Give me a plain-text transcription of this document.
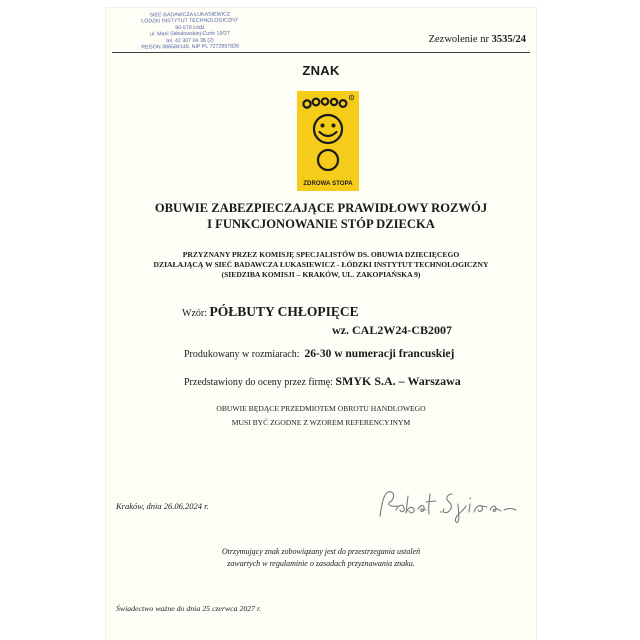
SIEĆ BADAWCZA ŁUKASIEWICZ
ŁÓDZKI INSTYTUT TECHNOLOGICZNY
90-570 Łódź
ul. Marii Skłodowskiej-Curie 19/27
tel. 42 307 04 36 (2)
REGON 386584148, NIP PL 7272857826
Zezwolenie nr 3535/24
ZNAK
®
ZDROWA STOPA
OBUWIE ZABEZPIECZAJĄCE PRAWIDŁOWY ROZWÓJ
I FUNKCJONOWANIE STÓP DZIECKA
PRZYZNANY PRZEZ KOMISJĘ SPECJALISTÓW DS. OBUWIA DZIECIĘCEGO
DZIAŁAJĄCĄ W SIEĆ BADAWCZA ŁUKASIEWICZ - ŁÓDZKI INSTYTUT TECHNOLOGICZNY
(SIEDZIBA KOMISJI – KRAKÓW, UL. ZAKOPIAŃSKA 9)
Wzór: PÓŁBUTY CHŁOPIĘCE
wz. CAL2W24-CB2007
Produkowany w rozmiarach: 26-30 w numeracji francuskiej
Przedstawiony do oceny przez firmę: SMYK S.A. – Warszawa
OBUWIE BĘDĄCE PRZEDMIOTEM OBROTU HANDLOWEGO
MUSI BYĆ ZGODNE Z WZOREM REFERENCYJNYM
Kraków, dnia 26.06.2024 r.
Otrzymujący znak zobowiązany jest do przestrzegania ustaleń
zawartych w regulaminie o zasadach przyznawania znaku.
Świadectwo ważne do dnia 25 czerwca 2027 r.
